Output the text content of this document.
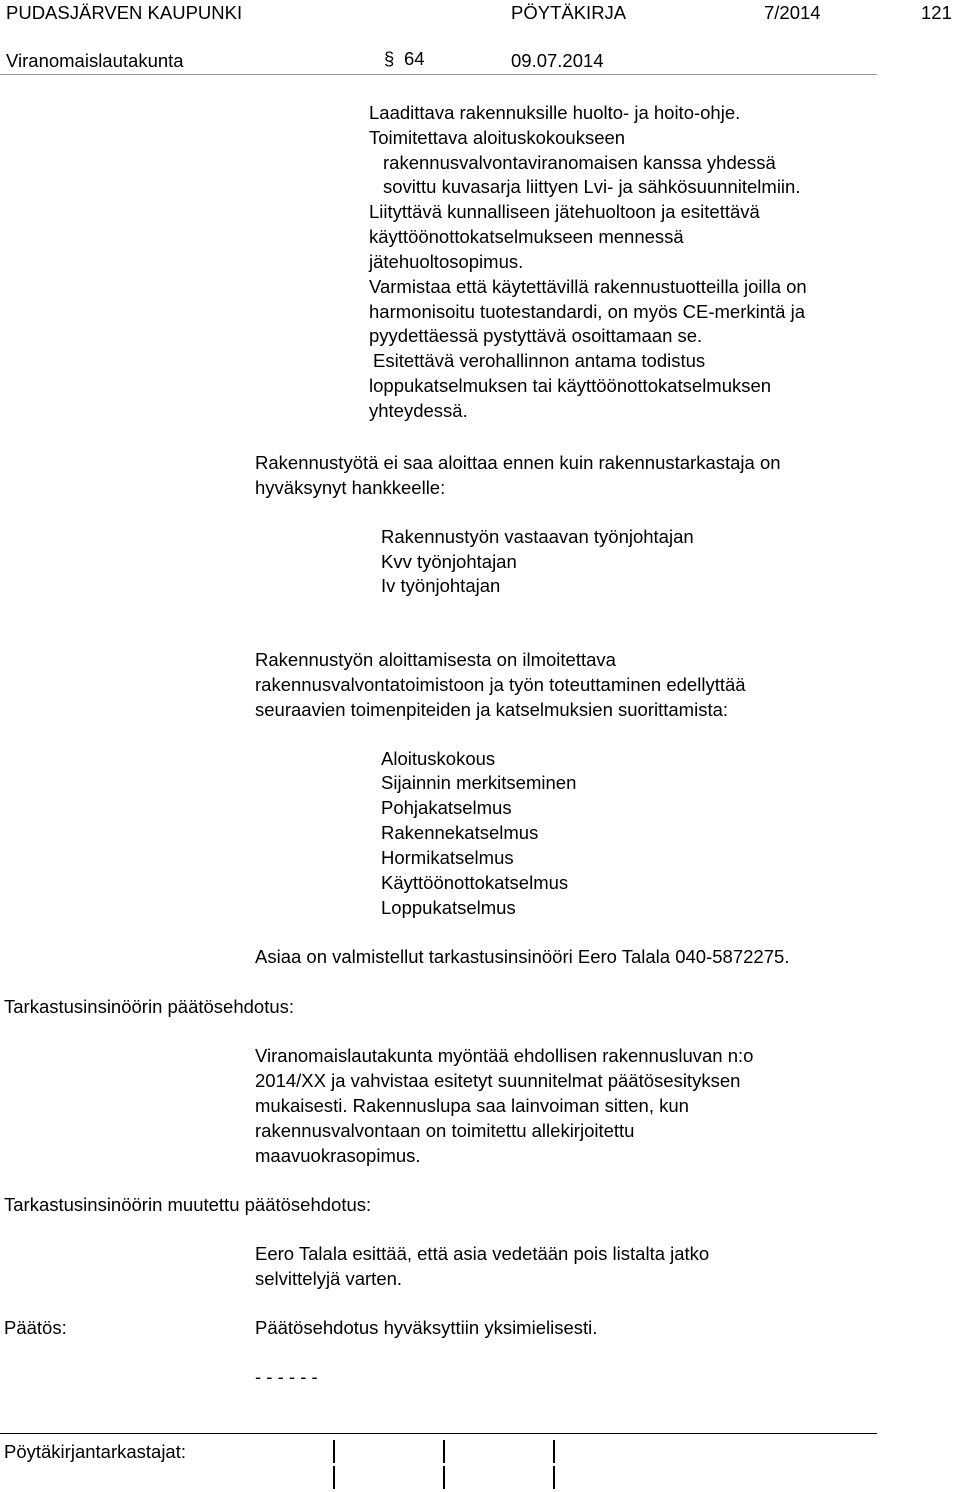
PUDASJÄRVEN KAUPUNKI	PÖYTÄKIRJA	7/2014	121
Viranomaislautakunta	§ 64	09.07.2014
Laadittava rakennuksille huolto- ja hoito-ohje.
Toimitettava aloituskokoukseen
rakennusvalvontaviranomaisen kanssa yhdessä
sovittu kuvasarja liittyen Lvi- ja sähkösuunnitelmiin.
Liityttävä kunnalliseen jätehuoltoon ja esitettävä
käyttöönottokatselmukseen mennessä
jätehuoltosopimus.
Varmistaa että käytettävillä rakennustuotteilla joilla on
harmonisoitu tuotestandardi, on myös CE-merkintä ja
pyydettäessä pystyttävä osoittamaan se.
Esitettävä verohallinnon antama todistus
loppukatselmuksen tai käyttöönottokatselmuksen
yhteydessä.
Rakennustyötä ei saa aloittaa ennen kuin rakennustarkastaja on
hyväksynyt hankkeelle:
Rakennustyön vastaavan työnjohtajan
Kvv työnjohtajan
Iv työnjohtajan
Rakennustyön aloittamisesta on ilmoitettava
rakennusvalvontatoimistoon ja työn toteuttaminen edellyttää
seuraavien toimenpiteiden ja katselmuksien suorittamista:
Aloituskokous
Sijainnin merkitseminen
Pohjakatselmus
Rakennekatselmus
Hormikatselmus
Käyttöönottokatselmus
Loppukatselmus
Asiaa on valmistellut tarkastusinsinööri Eero Talala 040-5872275.
Tarkastusinsinöörin päätösehdotus:
Viranomaislautakunta myöntää ehdollisen rakennusluvan n:o
2014/XX ja vahvistaa esitetyt suunnitelmat päätösesityksen
mukaisesti. Rakennuslupa saa lainvoiman sitten, kun
rakennusvalvontaan on toimitettu allekirjoitettu
maavuokrasopimus.
Tarkastusinsinöörin muutettu päätösehdotus:
Eero Talala esittää, että asia vedetään pois listalta jatko
selvittelyjä varten.
Päätös:	Päätösehdotus hyväksyttiin yksimielisesti.
- - - - - -
Pöytäkirjantarkastajat:
